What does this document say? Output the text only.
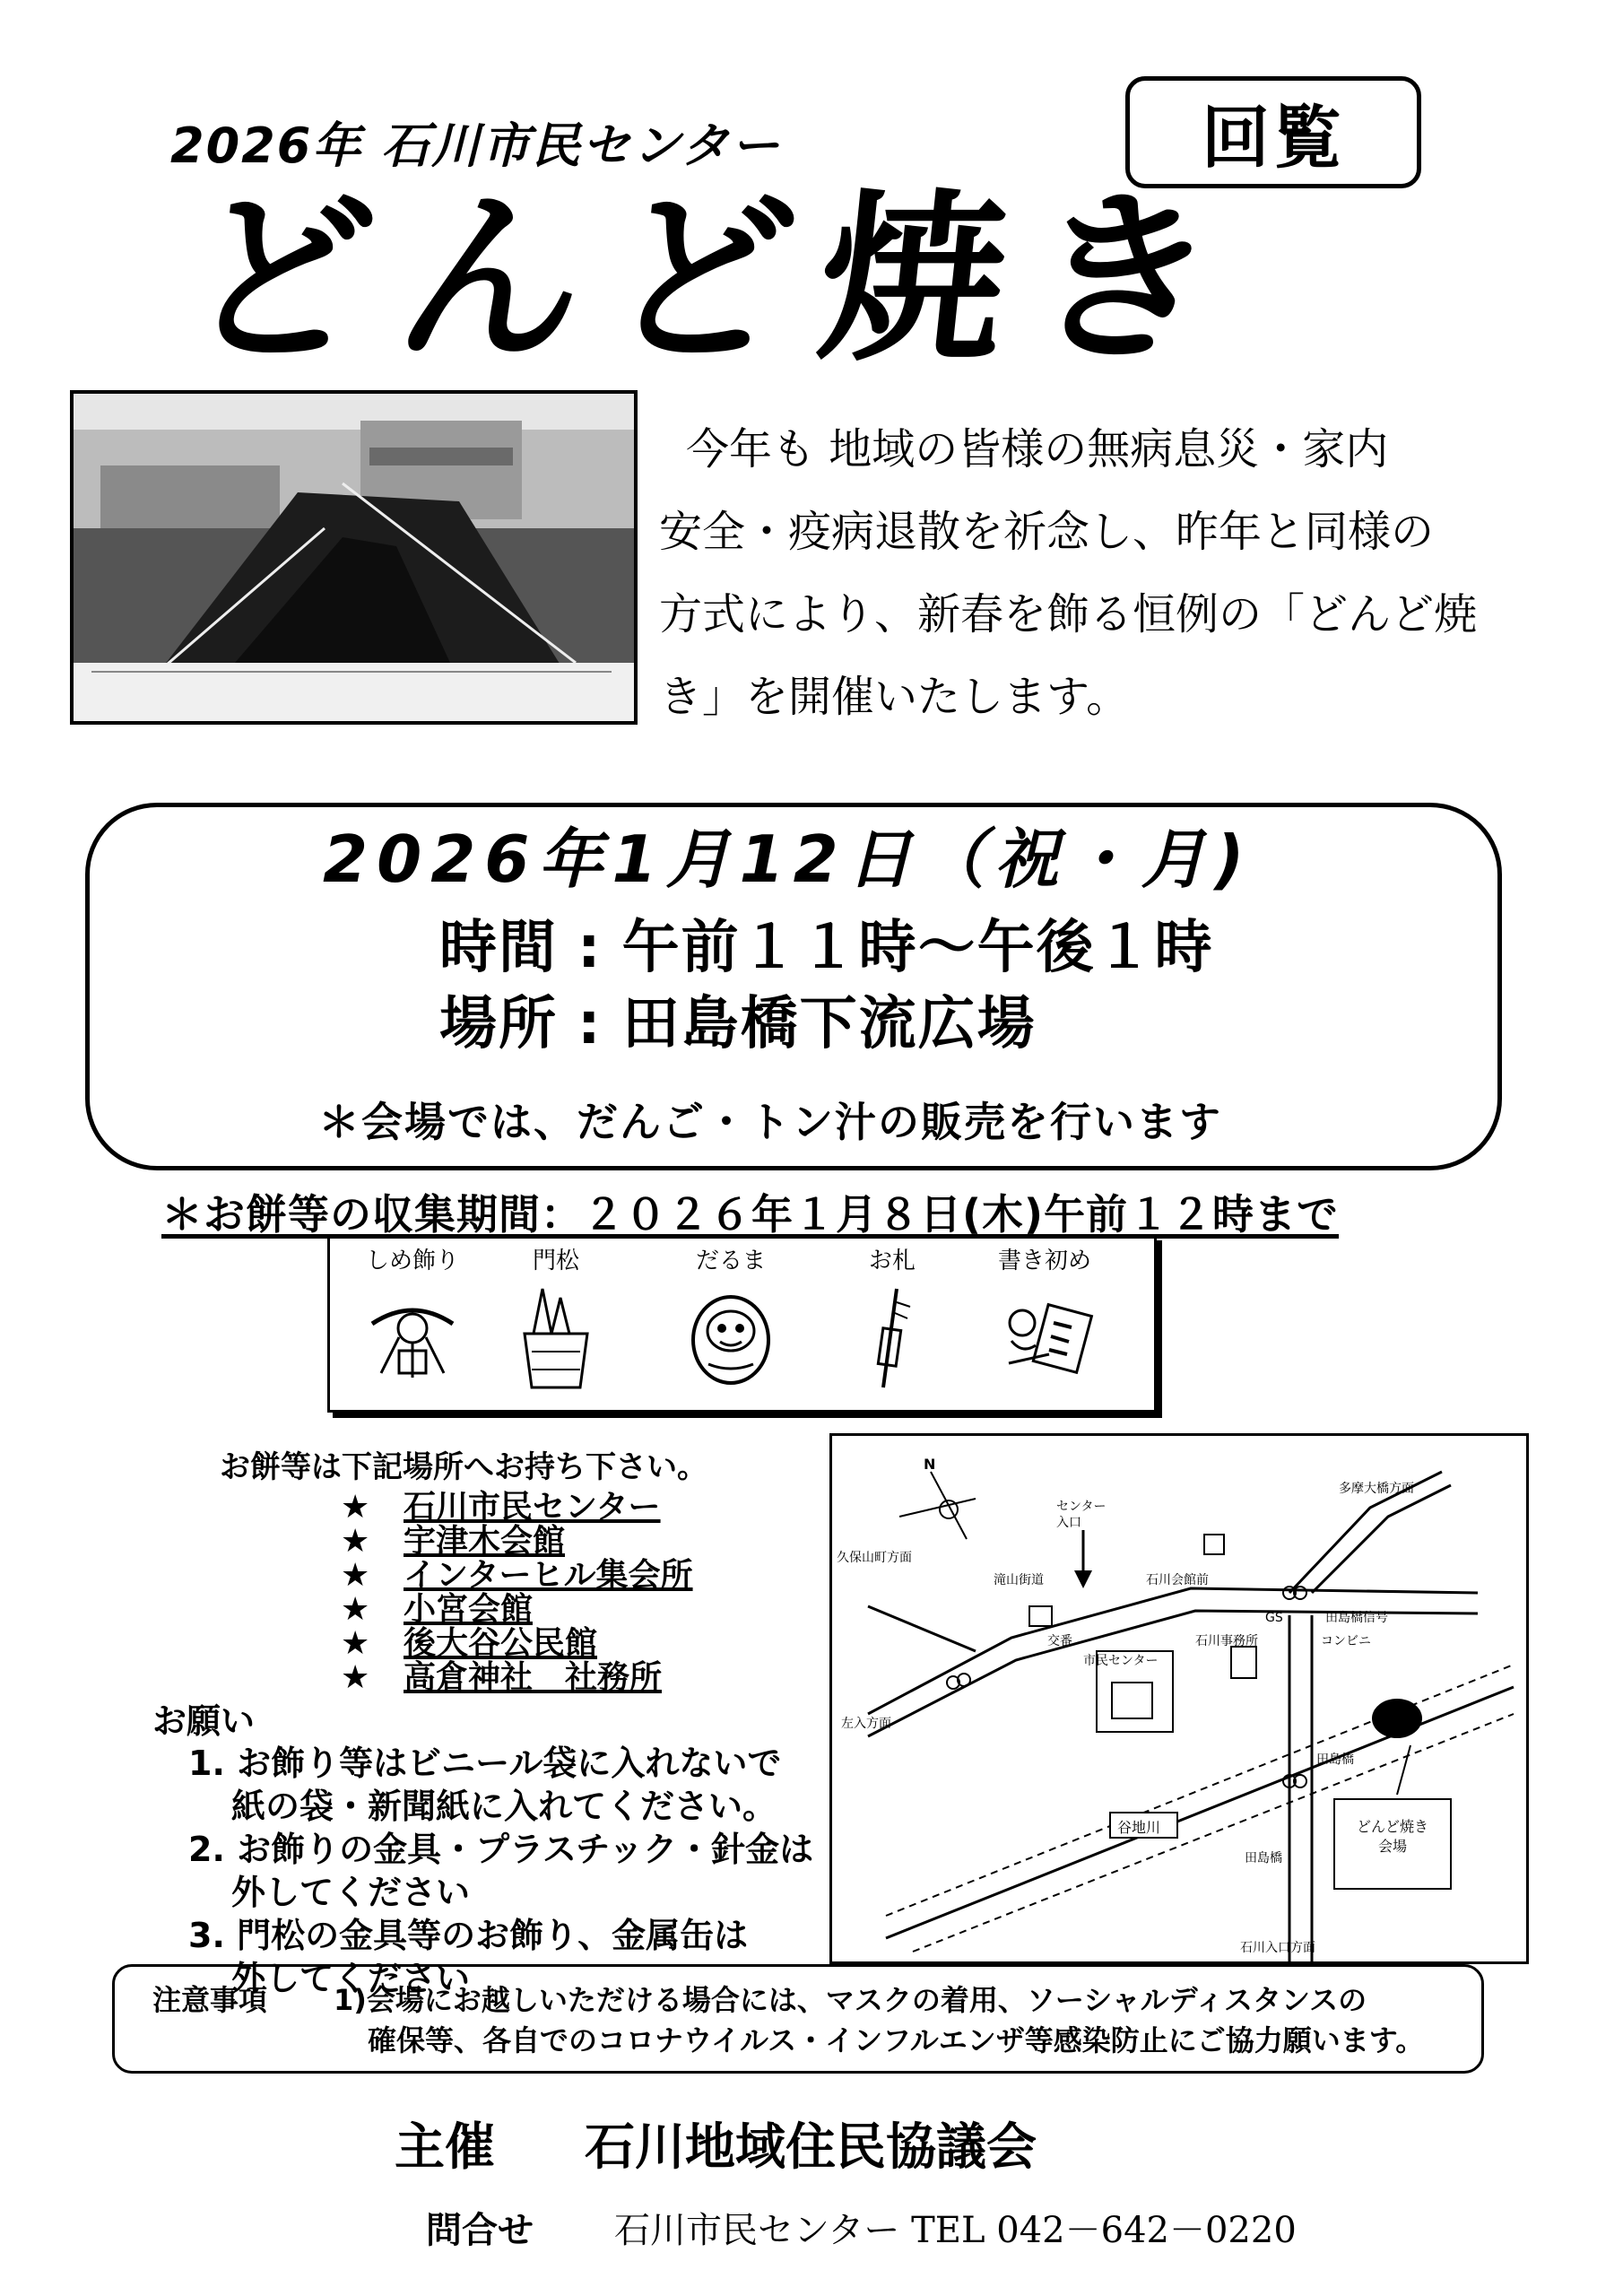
2026年 石川市民センター	回覧
どんど焼き
今年も 地域の皆様の無病息災・家内
安全・疫病退散を祈念し、昨年と同様の
方式により、新春を飾る恒例の「どんど焼
き」を開催いたします。
2026年1月12日（祝・月)
時間 : 午前１１時～午後１時
場所 : 田島橋下流広場
＊会場では、だんご・トン汁の販売を行います
＊お餅等の収集期間：２０２６年１月８日(木)午前１２時まで
しめ飾り	門松	だるま	お札	書き初め
お餅等は下記場所へお持ち下さい。
★ 石川市民センター
★ 宇津木会館
★ インターヒル集会所
★ 小宮会館
★ 後大谷公民館
★ 高倉神社　社務所
お願い
1. お飾り等はビニール袋に入れないで
紙の袋・新聞紙に入れてください。
2. お飾りの金具・プラスチック・針金は
外してください
3. 門松の金具等のお飾り、金属缶は
外してください
N
多摩大橋方面
センター
入口
久保山町方面
滝山街道	石川会館前
GS	田島橋信号
コンビニ
交番	石川事務所
市民センター
左入方面
田島橋
谷地川
田島橋
どんど焼き
会場
石川入口方面
注意事項 1)会場にお越しいただける場合には、マスクの着用、ソーシャルディスタンスの
確保等、各自でのコロナウイルス・インフルエンザ等感染防止にご協力願います。
主催 石川地域住民協議会
問合せ 石川市民センター TEL 042－642－0220
